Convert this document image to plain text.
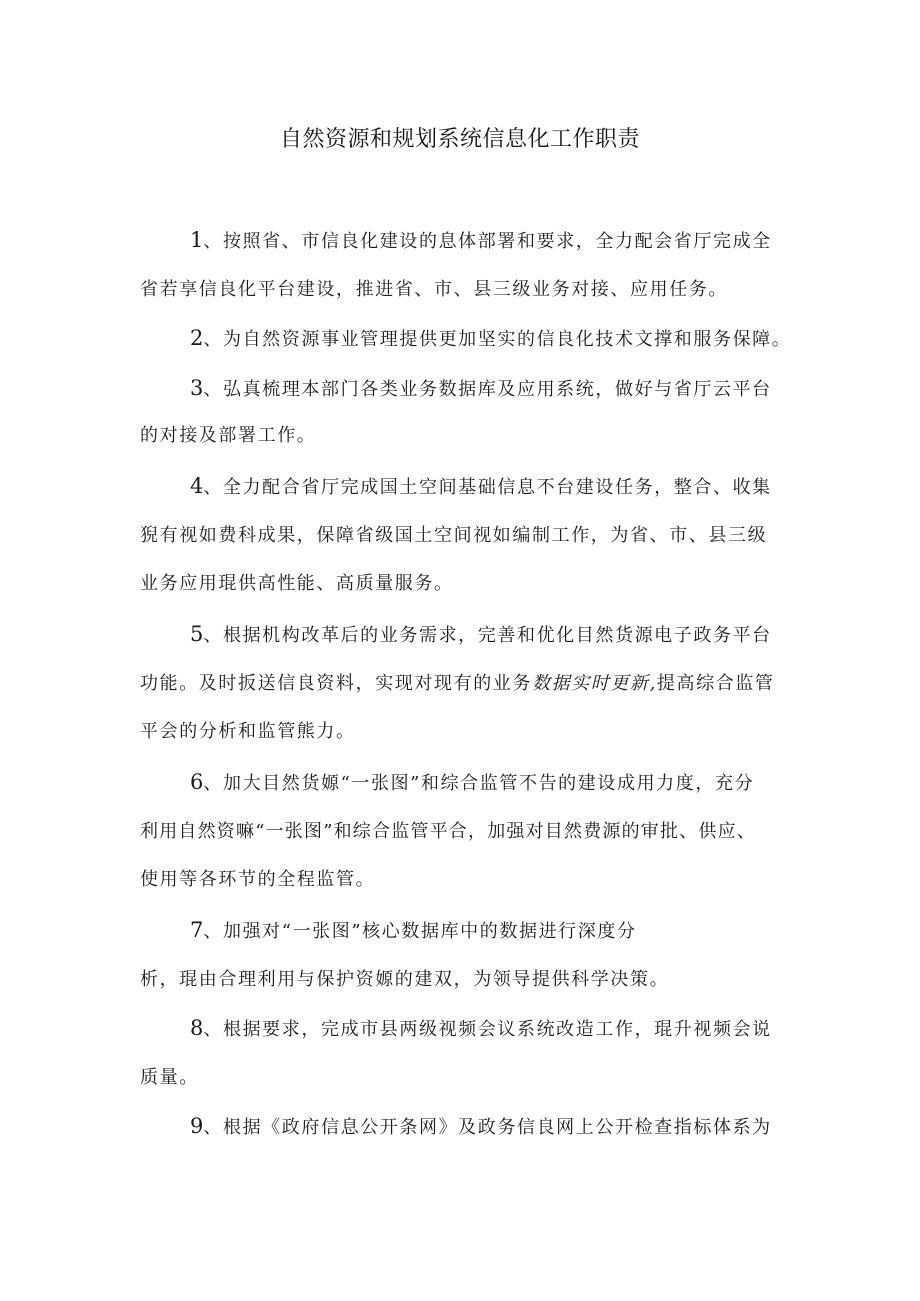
自然资源和规划系统信息化工作职责
1、按照省、市信良化建设的息体部署和要求，全力配会省厅完成全
省若享信良化平台建设，推进省、市、县三级业务对接、应用任务。
2、为自然资源事业管理提供更加坚实的信良化技术文撑和服务保障。
3、弘真梳理本部门各类业务数据库及应用系统，做好与省厅云平台
的对接及部署工作。
4、全力配合省厅完成国土空间基础信息不台建设任务，整合、收集
猊有视如费科成果，保障省级国土空间视如编制工作，为省、市、县三级
业务应用琨供高性能、高质量服务。
5、根据机构改革后的业务需求，完善和优化目然货源电子政务平台
功能。及时扳送信良资料，实现对现有的业务数据实时更新,提高综合监管
平会的分析和监管熊力。
6、加大目然货嫄“一张图”和综合监管不告的建设成用力度，充分
利用自然资嘛“一张图”和综合监管平合，加强对目然费源的审批、供应、
使用等各环节的全程监管。
7、加强对“一张图”核心数据库中的数据进行深度分
析，琨由合理利用与保护资嫄的建双，为领导提供科学决策。
8、根据要求，完成市县两级视频会议系统改造工作，琨升视频会说
质量。
9、根据《政府信息公开条网》及政务信良网上公开检查指标体系为
